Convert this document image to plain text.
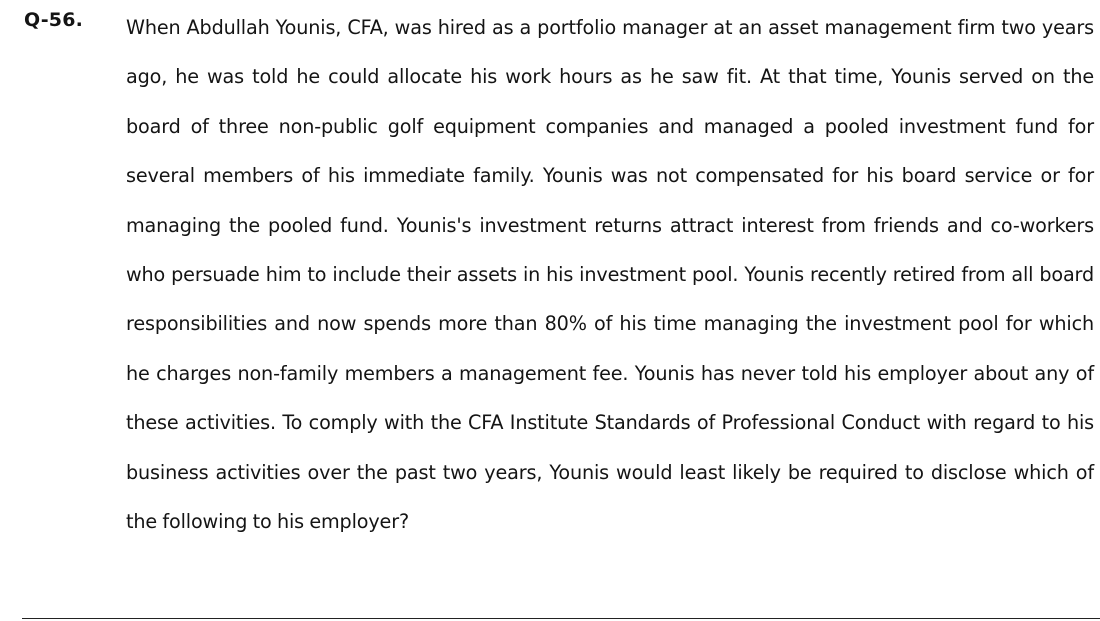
Q-56. When Abdullah Younis, CFA, was hired as a portfolio manager at an asset management firm two years ago, he was told he could allocate his work hours as he saw fit. At that time, Younis served on the board of three non-public golf equipment companies and managed a pooled investment fund for several members of his immediate family. Younis was not compensated for his board service or for managing the pooled fund. Younis's investment returns attract interest from friends and co-workers who persuade him to include their assets in his investment pool. Younis recently retired from all board responsibilities and now spends more than 80% of his time managing the investment pool for which he charges non-family members a management fee. Younis has never told his employer about any of these activities. To comply with the CFA Institute Standards of Professional Conduct with regard to his business activities over the past two years, Younis would least likely be required to disclose which of the following to his employer?
